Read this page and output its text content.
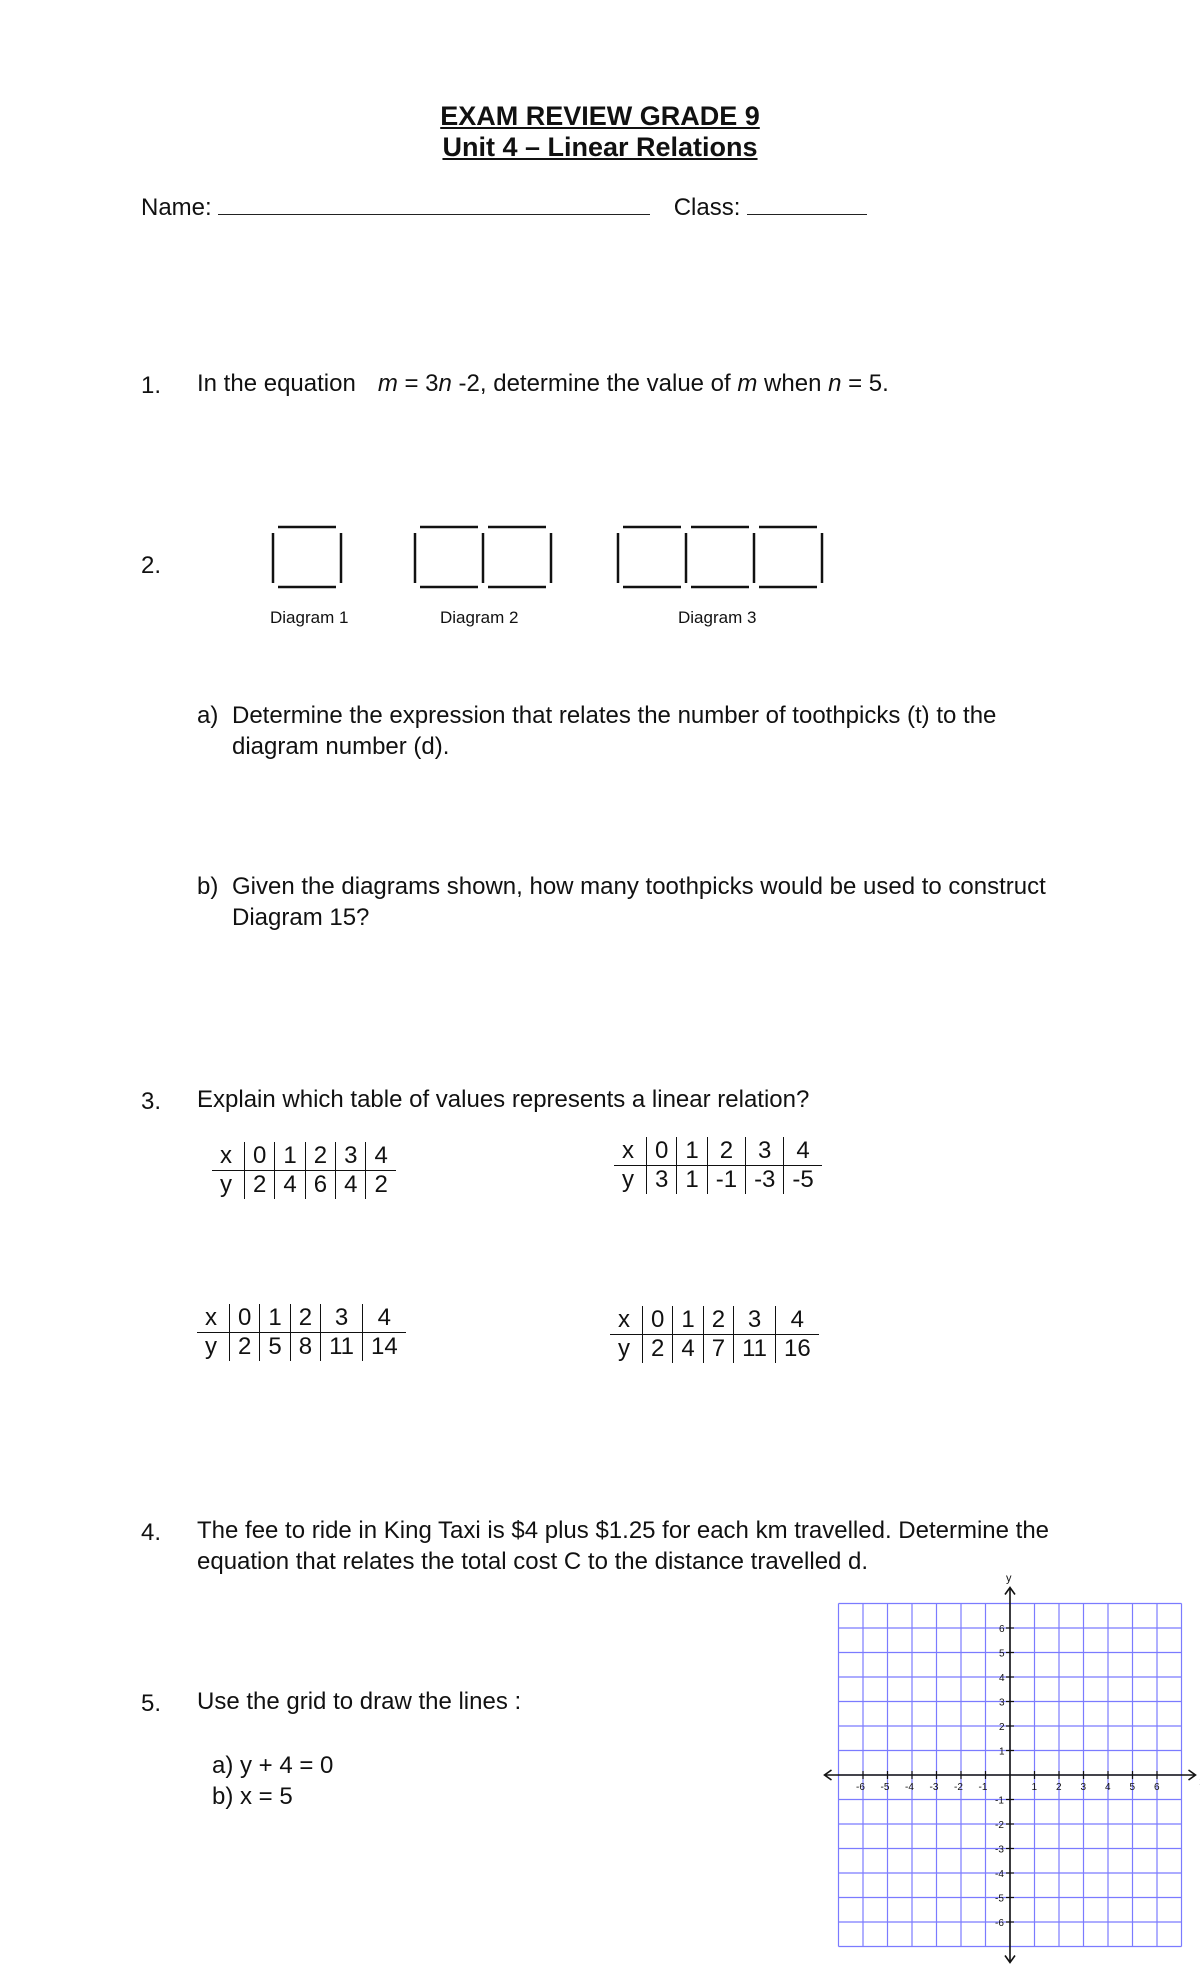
EXAM REVIEW GRADE 9
Unit 4 – Linear Relations
Name:	Class:
1. In the equation m = 3n -2, determine the value of m when n = 5.
2.
Diagram 1	Diagram 2	Diagram 3
a) Determine the expression that relates the number of toothpicks (t) to the
diagram number (d).
b) Given the diagrams shown, how many toothpicks would be used to construct
Diagram 15?
3. Explain which table of values represents a linear relation?
x	0	1	2	3	4
y	2	4	6	4	2
x	0	1	2	3	4
y	3	1	-1	-3	-5
x	0	1	2	3	4
y	2	5	8	11	14
x	0	1	2	3	4
y	2	4	7	11	16
4. The fee to ride in King Taxi is $4 plus $1.25 for each km travelled. Determine the
equation that relates the total cost C to the distance travelled d.
5. Use the grid to draw the lines :
a) y + 4 = 0
b) x = 5
y
-6 -5 -4 -3 -2 -1	1 2 3 4 5 6
6
5
4
3
2
1
-1
-2
-3
-4
-5
-6
